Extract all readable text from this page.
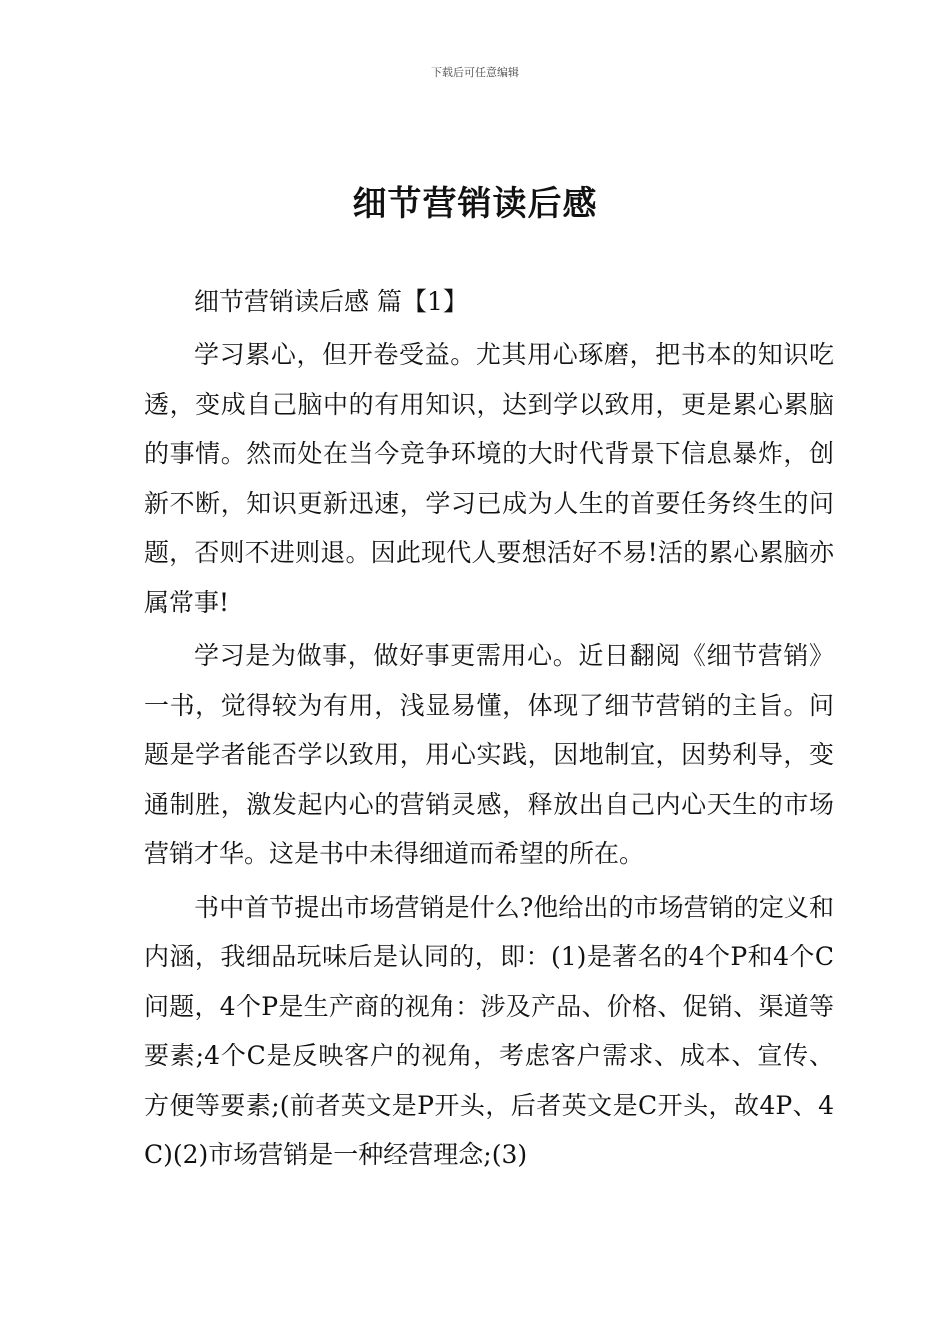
下载后可任意编辑
细节营销读后感

细节营销读后感 篇【1】

学习累心，但开卷受益。尤其用心琢磨，把书本的知识吃透，变成自己脑中的有用知识，达到学以致用，更是累心累脑的事情。然而处在当今竞争环境的大时代背景下信息暴炸，创新不断，知识更新迅速，学习已成为人生的首要任务终生的问题，否则不进则退。因此现代人要想活好不易!活的累心累脑亦属常事!

学习是为做事，做好事更需用心。近日翻阅《细节营销》一书，觉得较为有用，浅显易懂，体现了细节营销的主旨。问题是学者能否学以致用，用心实践，因地制宜，因势利导，变通制胜，激发起内心的营销灵感，释放出自己内心天生的市场营销才华。这是书中未得细道而希望的所在。

书中首节提出市场营销是什么?他给出的市场营销的定义和内涵，我细品玩味后是认同的，即：(1)是著名的4个P和4个C问题，4个P是生产商的视角：涉及产品、价格、促销、渠道等要素;4个C是反映客户的视角，考虑客户需求、成本、宣传、方便等要素;(前者英文是P开头，后者英文是C开头，故4P、4C)(2)市场营销是一种经营理念;(3)
